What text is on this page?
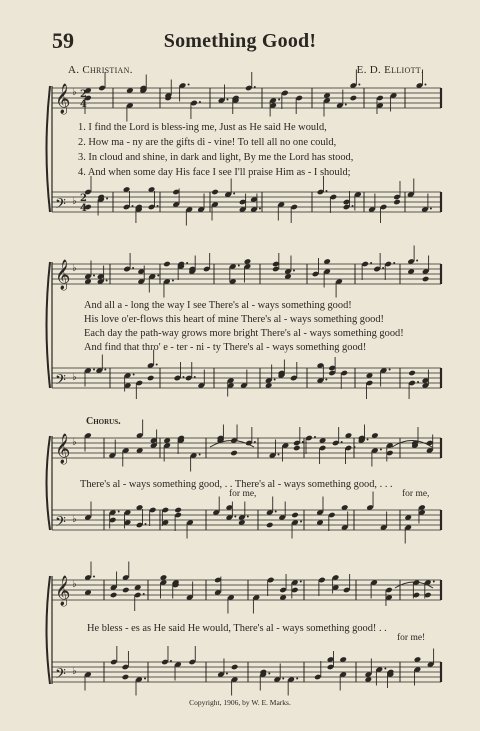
59	Something Good!
A. Christian.	E. D. Elliott.
𝄞 ♭ 2
4
𝄢 ♭ 2
4
𝄞 ♭
𝄢 ♭
𝄞 ♭
𝄢 ♭
𝄞 ♭
𝄢 ♭
1. I find the Lord is bless-ing me, Just as He said He would,
2. How ma - ny are the gifts di - vine! To tell all no one could,
3. In cloud and shine, in dark and light, By me the Lord has stood,
4. And when some day His face I see I'll praise Him as - I should;
And all a - long the way I see There's al - ways something good!
His love o'er-flows this heart of mine There's al - ways something good!
Each day the path-way grows more bright There's al - ways something good!
And find that thro' e - ter - ni - ty There's al - ways something good!
Chorus.
There's al - ways something good, . . There's al - ways something good, . . .
for me,	for me,
He bless - es as He said He would, There's al - ways something good! . .
for me!
Copyright, 1906, by W. E. Marks.
